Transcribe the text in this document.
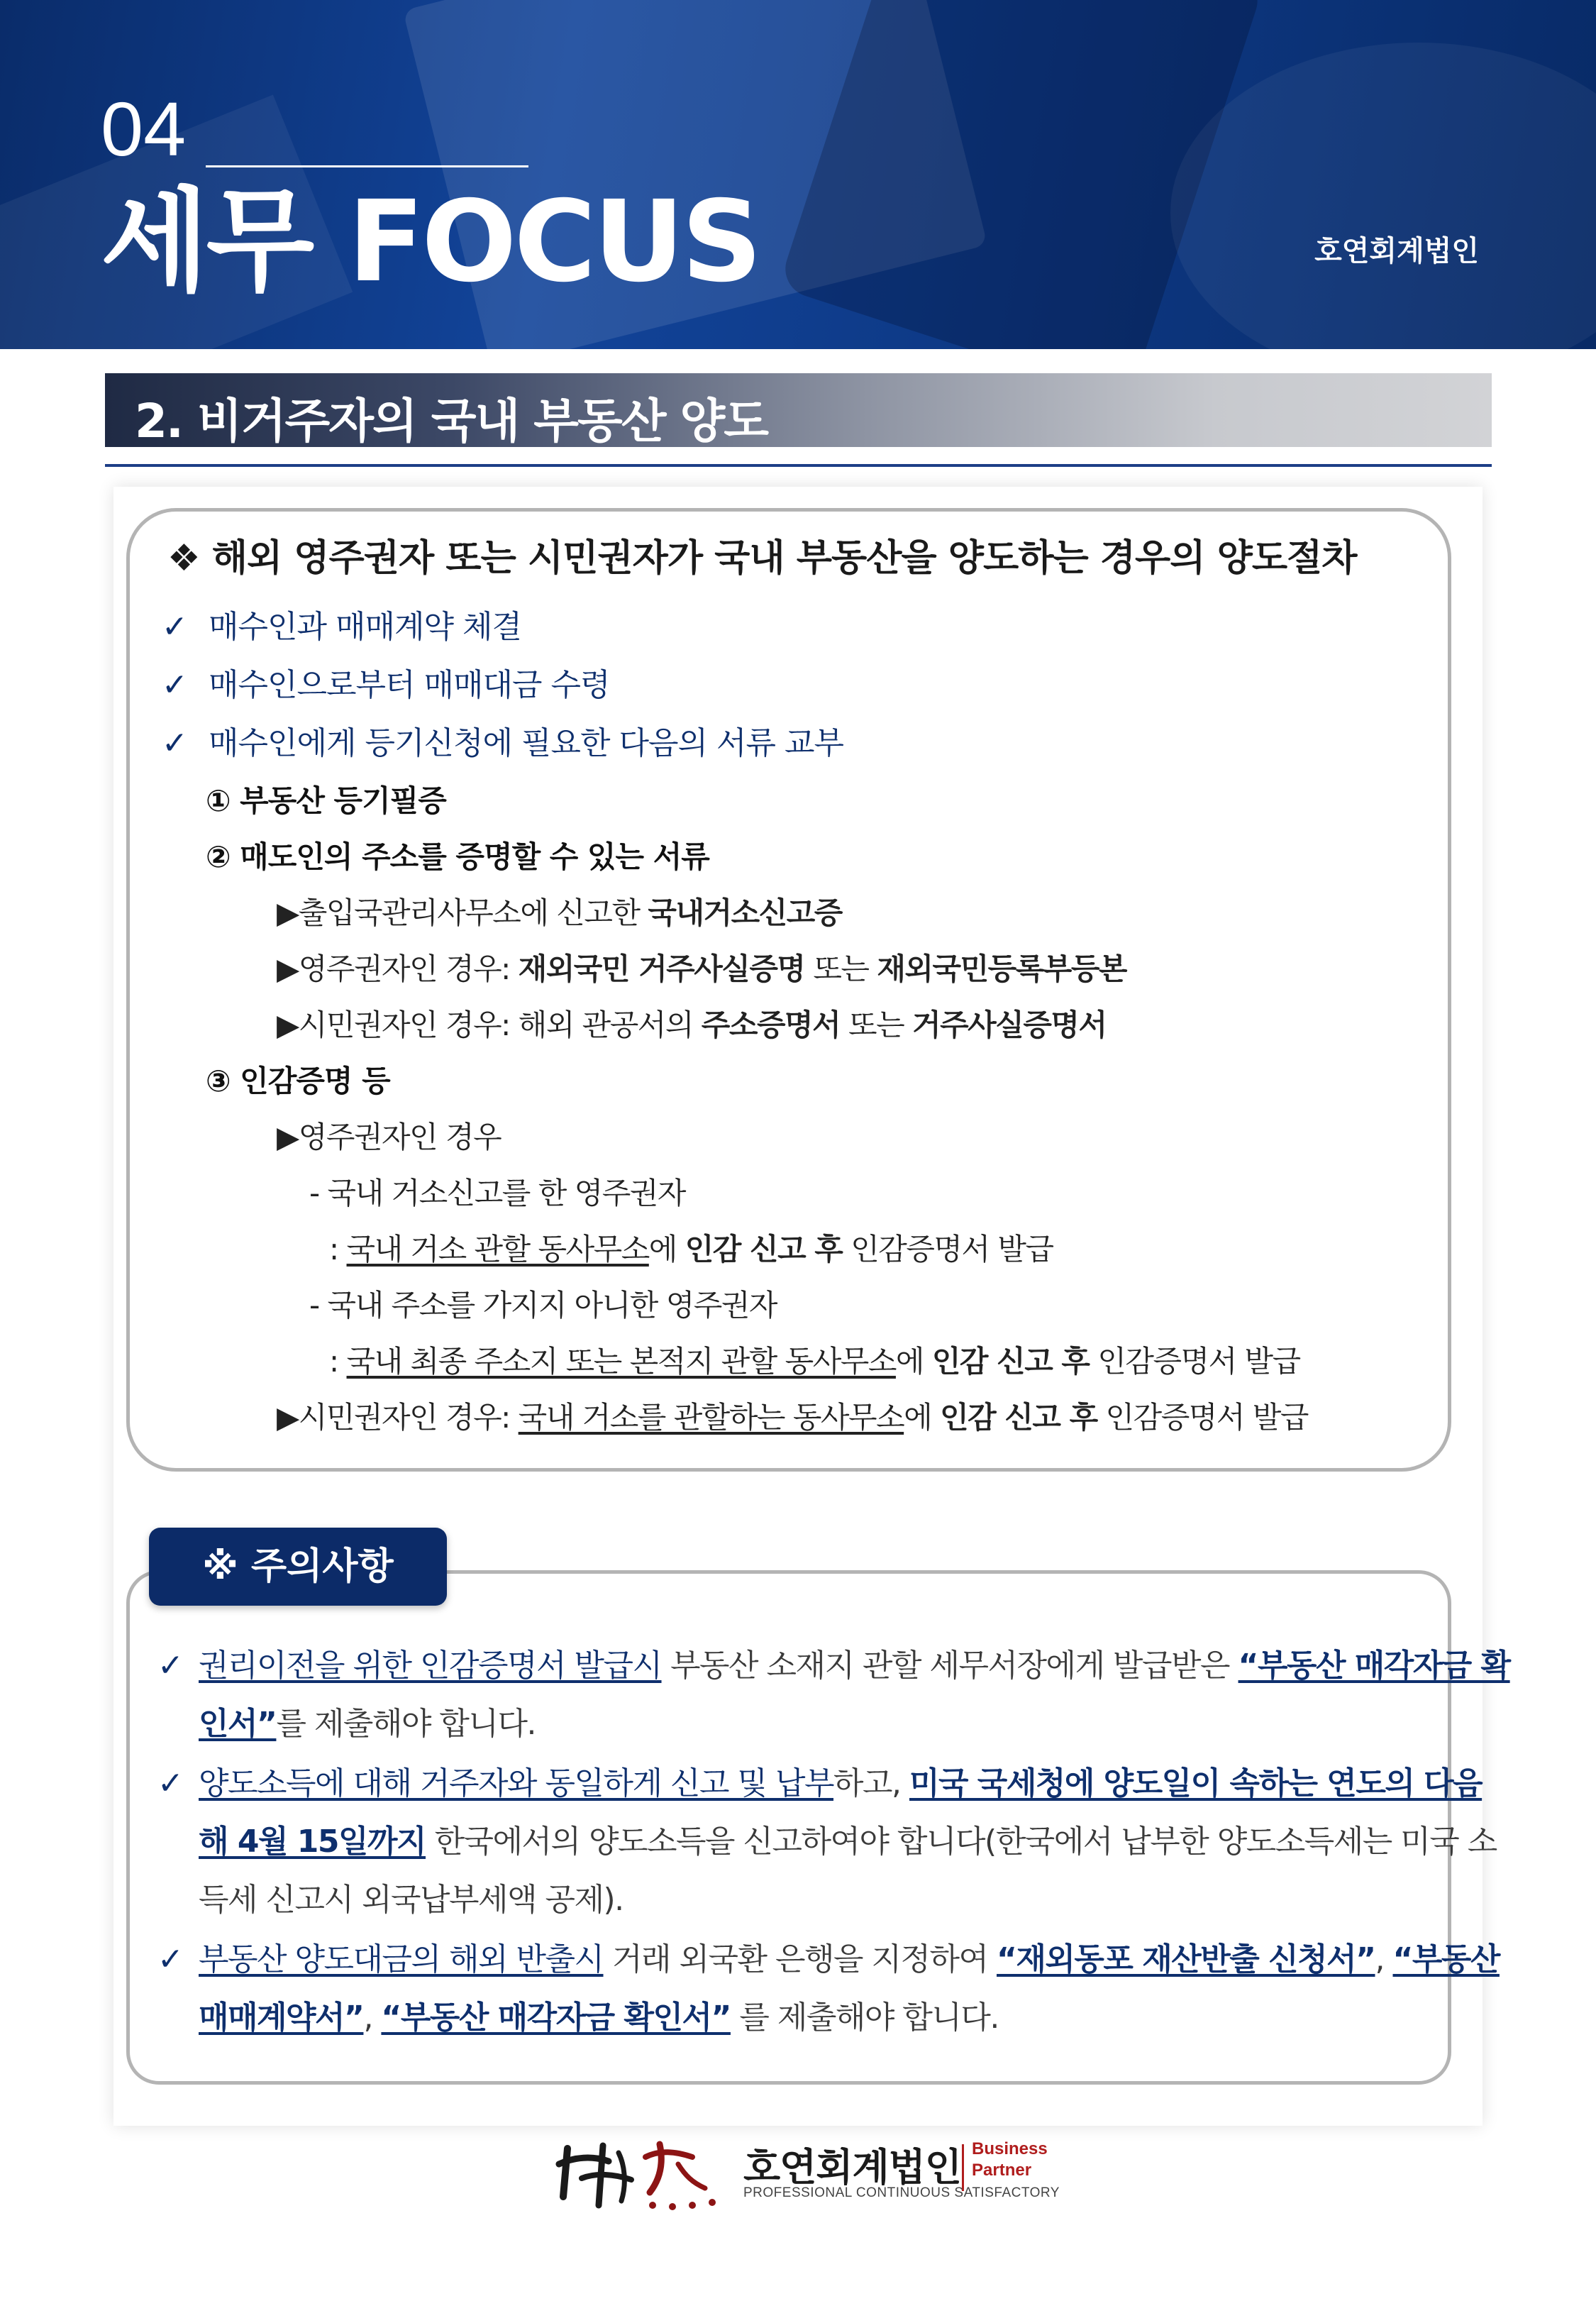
04
세무 FOCUS	호연회계법인
2. 비거주자의 국내 부동산 양도
❖ 해외 영주권자 또는 시민권자가 국내 부동산을 양도하는 경우의 양도절차
✓ 매수인과 매매계약 체결
✓ 매수인으로부터 매매대금 수령
✓ 매수인에게 등기신청에 필요한 다음의 서류 교부
① 부동산 등기필증
② 매도인의 주소를 증명할 수 있는 서류
▶출입국관리사무소에 신고한 국내거소신고증
▶영주권자인 경우: 재외국민 거주사실증명 또는 재외국민등록부등본
▶시민권자인 경우: 해외 관공서의 주소증명서 또는 거주사실증명서
③ 인감증명 등
▶영주권자인 경우
- 국내 거소신고를 한 영주권자
: 국내 거소 관할 동사무소에 인감 신고 후 인감증명서 발급
- 국내 주소를 가지지 아니한 영주권자
: 국내 최종 주소지 또는 본적지 관할 동사무소에 인감 신고 후 인감증명서 발급
▶시민권자인 경우: 국내 거소를 관할하는 동사무소에 인감 신고 후 인감증명서 발급
※ 주의사항
✓ 권리이전을 위한 인감증명서 발급시 부동산 소재지 관할 세무서장에게 발급받은 “부동산 매각자금 확
인서”를 제출해야 합니다.
✓ 양도소득에 대해 거주자와 동일하게 신고 및 납부하고, 미국 국세청에 양도일이 속하는 연도의 다음
해 4월 15일까지 한국에서의 양도소득을 신고하여야 합니다(한국에서 납부한 양도소득세는 미국 소
득세 신고시 외국납부세액 공제).
✓ 부동산 양도대금의 해외 반출시 거래 외국환 은행을 지정하여 “재외동포 재산반출 신청서”, “부동산
매매계약서”, “부동산 매각자금 확인서” 를 제출해야 합니다.
호연회계법인 Business
Partner
PROFESSIONAL CONTINUOUS SATISFACTORY
